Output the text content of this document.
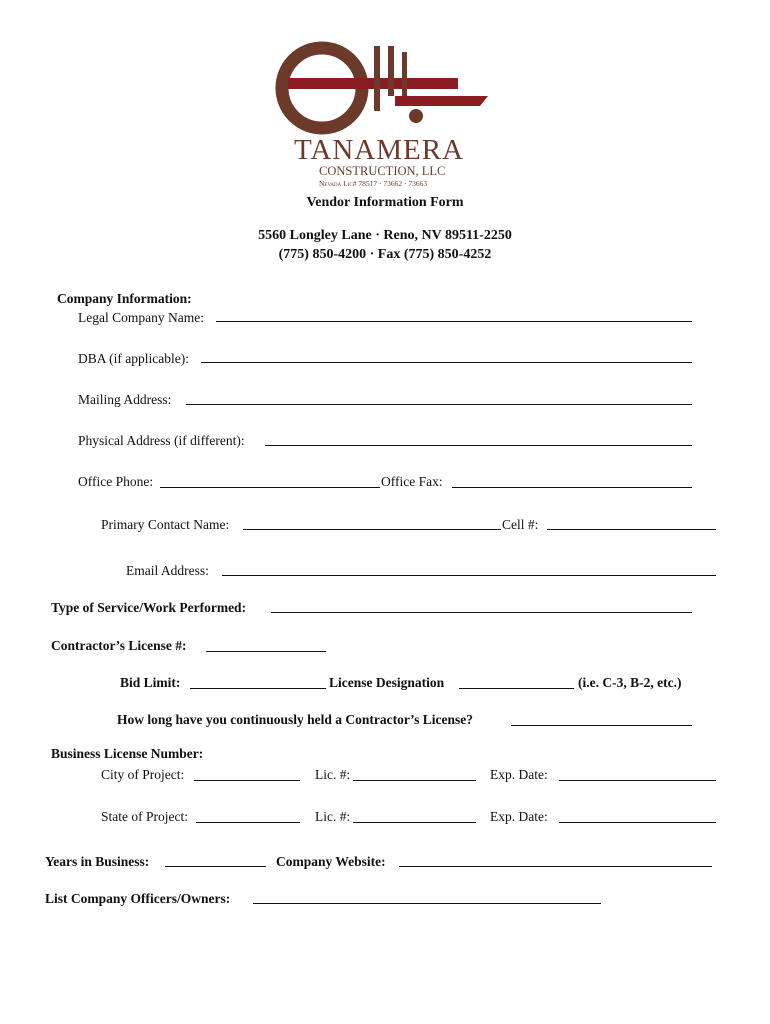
TANAMERA
CONSTRUCTION, LLC
Nevada Lic# 78517 · 73662 · 73663
Vendor Information Form
5560 Longley Lane · Reno, NV 89511-2250
(775) 850-4200 · Fax (775) 850-4252
Company Information:
Legal Company Name:
DBA (if applicable):
Mailing Address:
Physical Address (if different):
Office Phone:	Office Fax:
Primary Contact Name:	Cell #:
Email Address:
Type of Service/Work Performed:
Contractor’s License #:
Bid Limit:	License Designation	(i.e. C-3, B-2, etc.)
How long have you continuously held a Contractor’s License?
Business License Number:
City of Project:	Lic. #:	Exp. Date:
State of Project:	Lic. #:	Exp. Date:
Years in Business:	Company Website:
List Company Officers/Owners:
